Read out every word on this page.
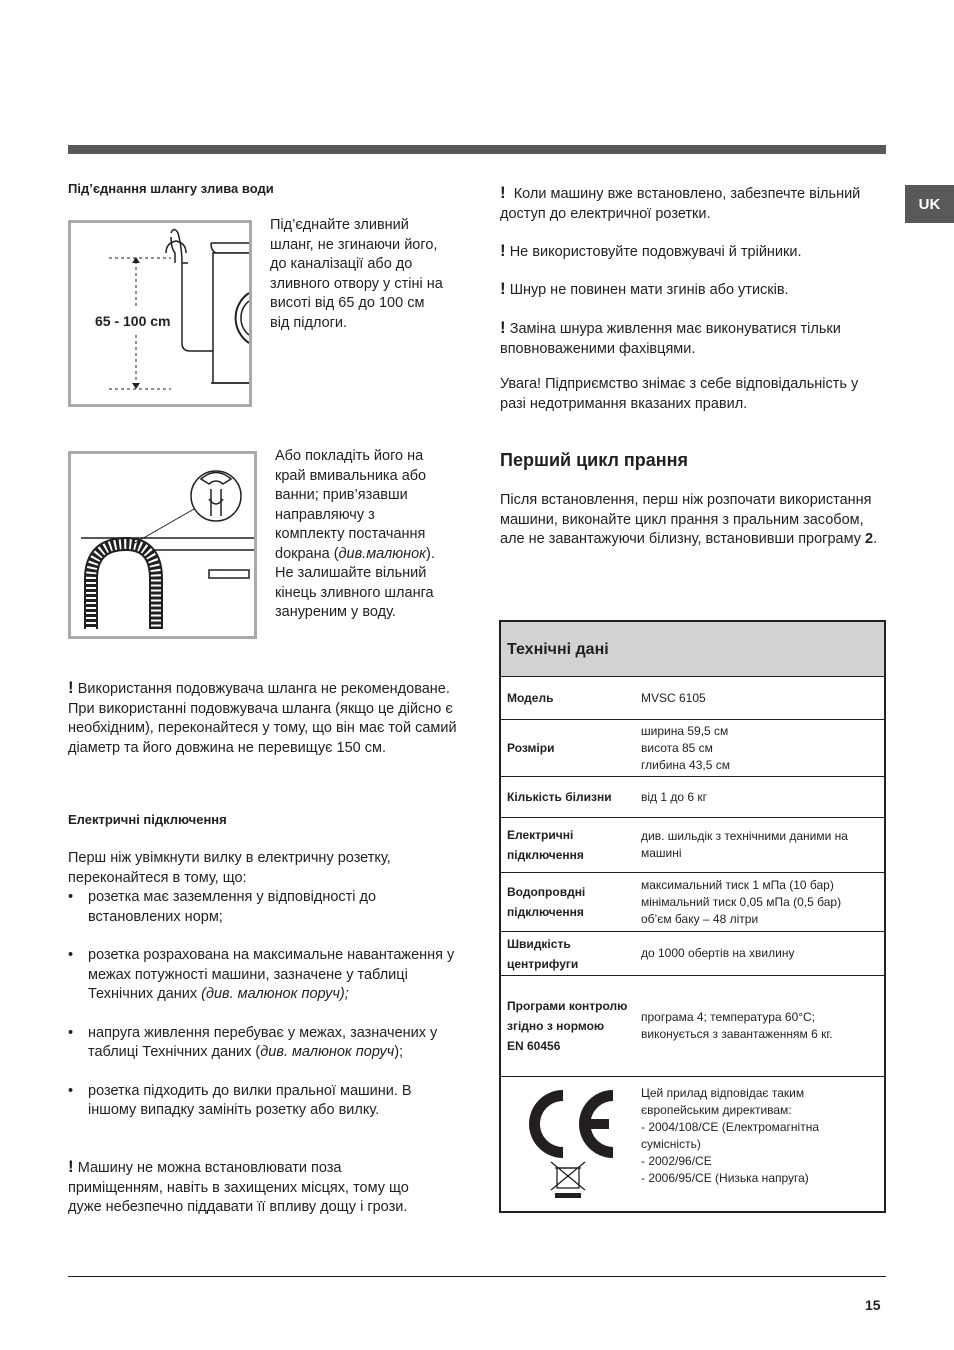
UK
Під’єднання шлангу злива води
65 - 100 cm
Під’єднайте зливний
шланг, не згинаючи його,
до каналізації або до
зливного отвору у стіні на
висоті від 65 до 100 см
від підлоги.
Або покладіть його на
край вмивальника або
ванни; прив’язавши
направляючу з
комплекту постачання
dокрана (див.малюнок).
Не залишайте вільний
кінець зливного шланга
зануреним у воду.
! Використання подовжувача шланга не рекомендоване. При використанні подовжувача шланга (якщо це дійсно є необхідним), переконайтеся у тому, що він має той самий діаметр та його довжина не перевищує 150 см.
Електричні підключення
Перш ніж увімкнути вилку в електричну розетку, переконайтеся в тому, що:
• розетка має заземлення у відповідності до встановлених норм;
• розетка розрахована на максимальне навантаження у межах потужності машини, зазначене у таблиці Технічних даних (див. малюнок поруч);
• напруга живлення перебуває у межах, зазначених у таблиці Технічних даних (див. малюнок поруч);
• розетка підходить до вилки пральної машини. В іншому випадку замініть розетку або вилку.
! Машину не можна встановлювати поза приміщенням, навіть в захищених місцях, тому що дуже небезпечно піддавати її впливу дощу і грози.
! Коли машину вже встановлено, забезпечте вільний доступ до електричної розетки.
! Не використовуйте подовжувачі й трійники.
! Шнур не повинен мати згинів або утисків.
! Заміна шнура живлення має виконуватися тільки вповноваженими фахівцями.
Увага! Підприємство знімає з себе відповідальність у разі недотримання вказаних правил.
Перший цикл прання
Після встановлення, перш ніж розпочати використання машини, виконайте цикл прання з пральним засобом, але не завантажуючи білизну, встановивши програму 2.
Технічні дані	
Модель	MVSC 6105
Розміри	ширина 59,5 см
висота 85 см
глибина 43,5 см
Кількість білизни	від 1 до 6 кг
Електричні підключення	див. шильдік з технічними даними на машині
Водопровдні підключення	максимальний тиск 1 мПа (10 бар)
мінімальний тиск 0,05 мПа (0,5 бар)
об’єм баку – 48 літри
Швидкість центрифуги	до 1000 обертів на хвилину
Програми контролю згідно з нормою
EN 60456	програма 4; температура 60°C;
виконується з завантаженням 6 кг.
	Цей прилад відповідає таким європейським директивам:
- 2004/108/CE (Електромагнітна сумісність)
- 2002/96/CE
- 2006/95/CE (Низька напруга)
15
